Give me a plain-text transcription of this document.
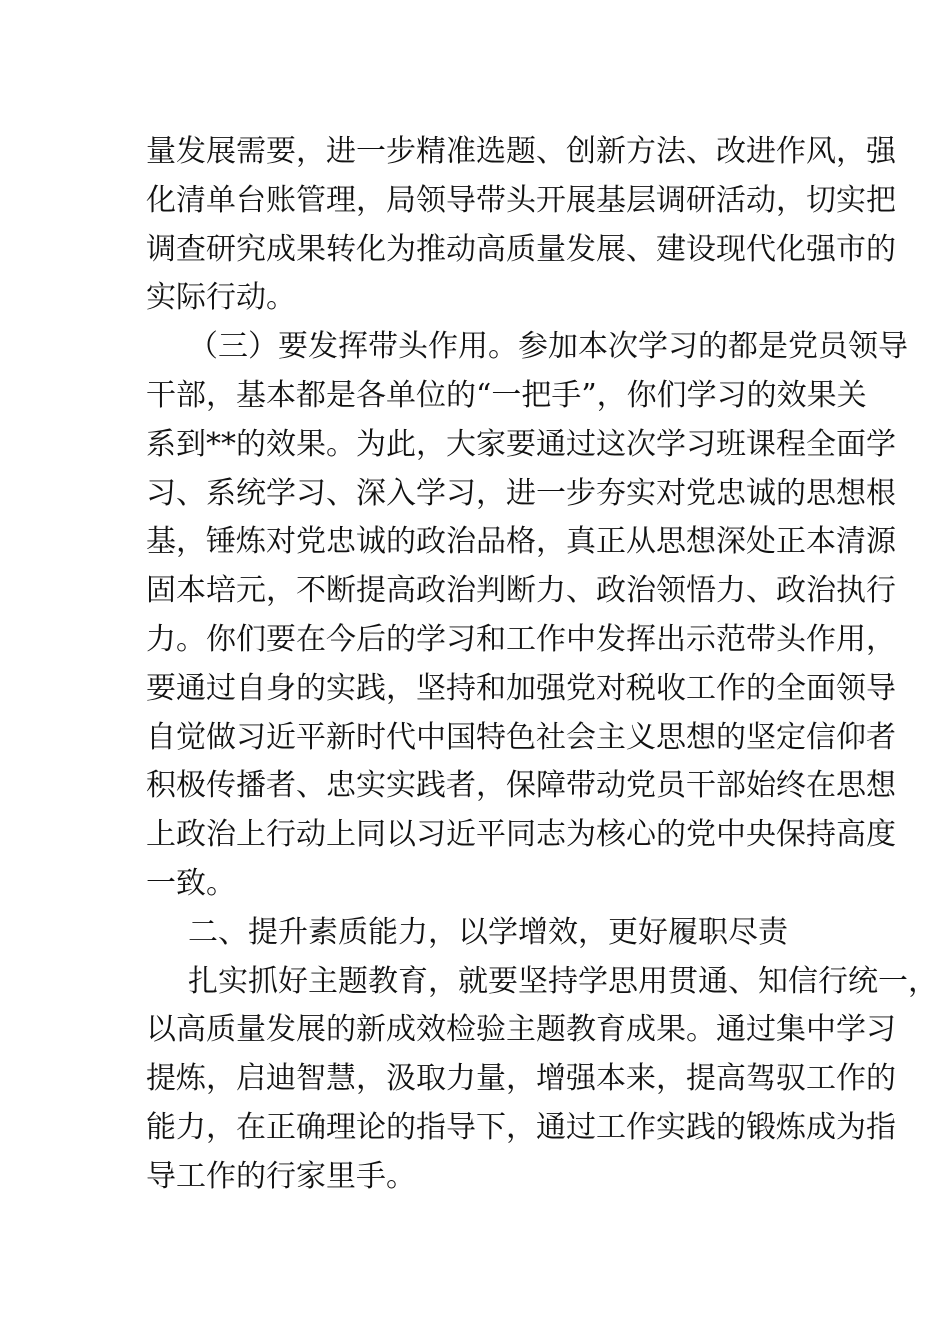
量发展需要，进一步精准选题、创新方法、改进作风，强
化清单台账管理，局领导带头开展基层调研活动，切实把
调查研究成果转化为推动高质量发展、建设现代化强市的
实际行动。
（三）要发挥带头作用。参加本次学习的都是党员领导
干部，基本都是各单位的“一把手”，你们学习的效果关
系到**的效果。为此，大家要通过这次学习班课程全面学
习、系统学习、深入学习，进一步夯实对党忠诚的思想根
基，锤炼对党忠诚的政治品格，真正从思想深处正本清源
固本培元，不断提高政治判断力、政治领悟力、政治执行
力。你们要在今后的学习和工作中发挥出示范带头作用，
要通过自身的实践，坚持和加强党对税收工作的全面领导
自觉做习近平新时代中国特色社会主义思想的坚定信仰者
积极传播者、忠实实践者，保障带动党员干部始终在思想
上政治上行动上同以习近平同志为核心的党中央保持高度
一致。
二、提升素质能力，以学增效，更好履职尽责
扎实抓好主题教育，就要坚持学思用贯通、知信行统一，
以高质量发展的新成效检验主题教育成果。通过集中学习
提炼，启迪智慧，汲取力量，增强本来，提高驾驭工作的
能力，在正确理论的指导下，通过工作实践的锻炼成为指
导工作的行家里手。
